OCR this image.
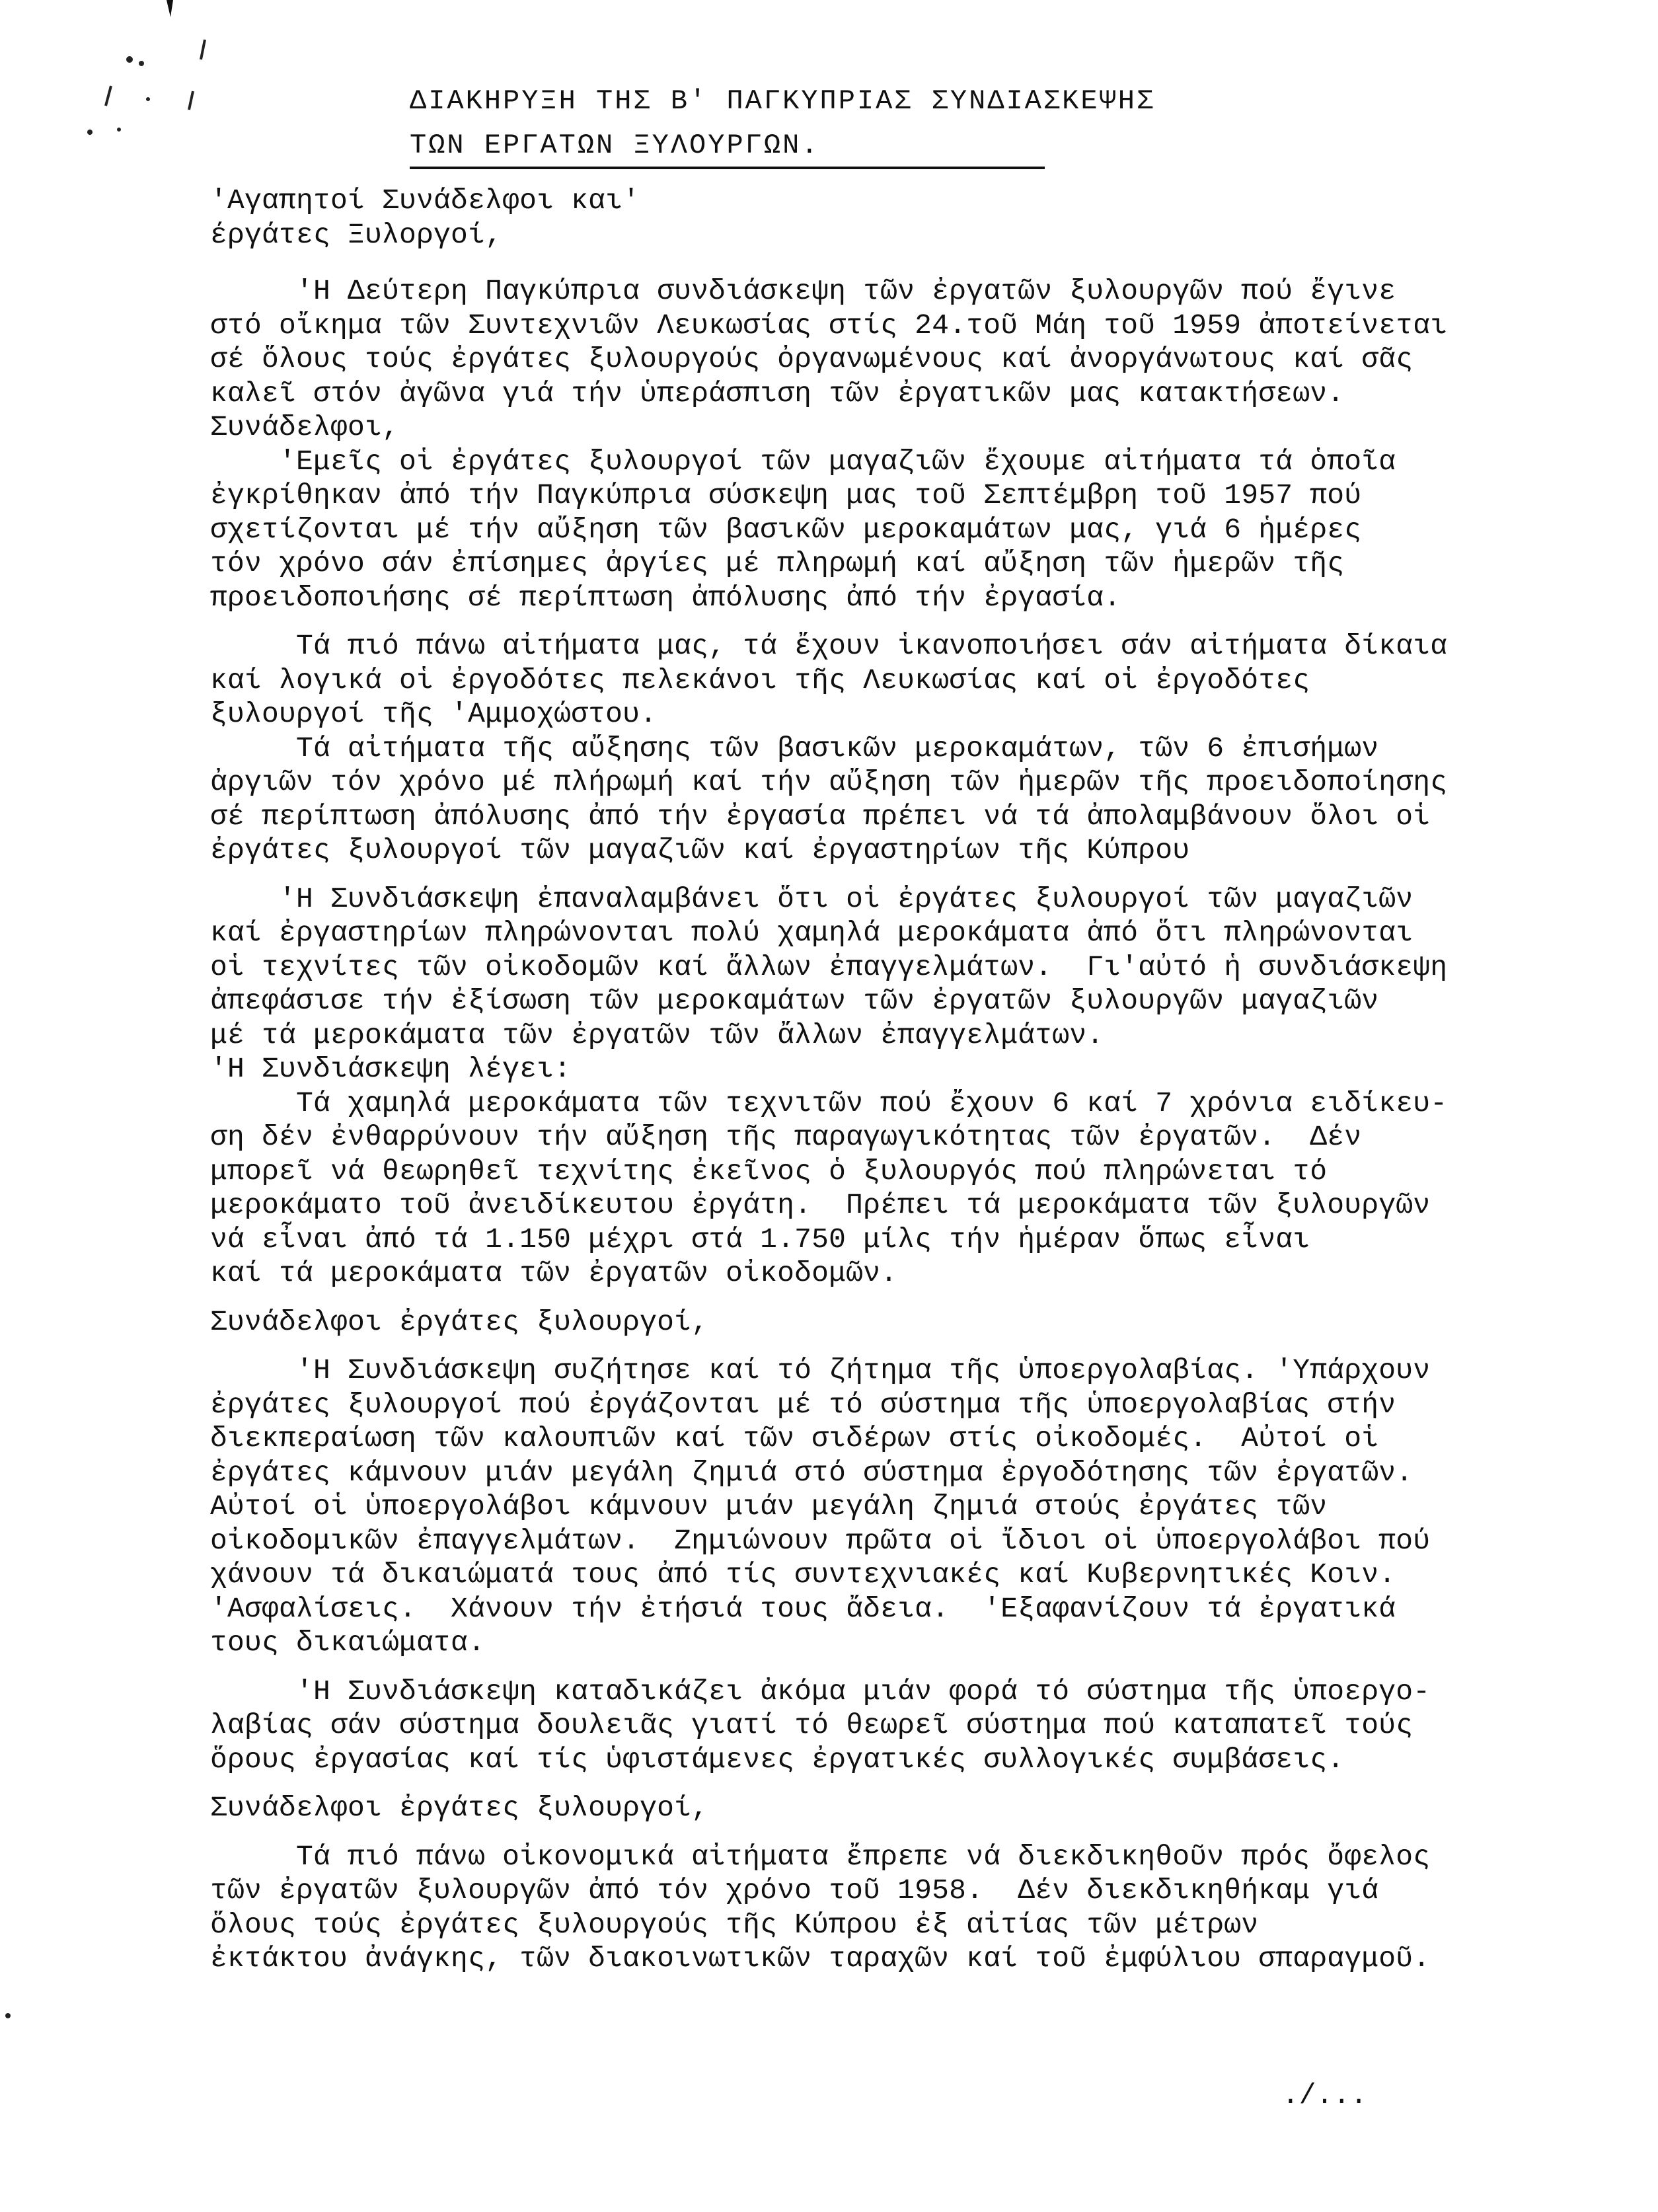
ΔΙΑΚΗΡΥΞΗ ΤΗΣ Β' ΠΑΓΚΥΠΡΙΑΣ ΣΥΝΔΙΑΣΚΕΨΗΣ
ΤΩΝ ΕΡΓΑΤΩΝ ΞΥΛΟΥΡΓΩΝ.
'Αγαπητοί Συνάδελφοι και'
έργάτες Ξυλοργοί,
'Η Δεύτερη Παγκύπρια συνδιάσκεψη τῶν ἐργατῶν ξυλουργῶν πού ἔγινε
στό οἴκημα τῶν Συντεχνιῶν Λευκωσίας στίς 24.τοῦ Μάη τοῦ 1959 ἀποτείνεται
σέ ὅλους τούς ἐργάτες ξυλουργούς ὀργανωμένους καί ἀνοργάνωτους καί σᾶς
καλεῖ στόν ἀγῶνα γιά τήν ὑπεράσπιση τῶν ἐργατικῶν μας κατακτήσεων.
Συνάδελφοι,
'Εμεῖς οἱ ἐργάτες ξυλουργοί τῶν μαγαζιῶν ἔχουμε αἰτήματα τά ὁποῖα
ἐγκρίθηκαν ἀπό τήν Παγκύπρια σύσκεψη μας τοῦ Σεπτέμβρη τοῦ 1957 πού
σχετίζονται μέ τήν αὔξηση τῶν βασικῶν μεροκαμάτων μας, γιά 6 ἡμέρες
τόν χρόνο σάν ἐπίσημες ἀργίες μέ πληρωμή καί αὔξηση τῶν ἡμερῶν τῆς
προειδοποιήσης σέ περίπτωση ἀπόλυσης ἀπό τήν ἐργασία.
Τά πιό πάνω αἰτήματα μας, τά ἔχουν ἱκανοποιήσει σάν αἰτήματα δίκαια
καί λογικά οἱ ἐργοδότες πελεκάνοι τῆς Λευκωσίας καί οἱ ἐργοδότες
ξυλουργοί τῆς 'Αμμοχώστου.
Τά αἰτήματα τῆς αὔξησης τῶν βασικῶν μεροκαμάτων, τῶν 6 ἐπισήμων
ἀργιῶν τόν χρόνο μέ πλήρωμή καί τήν αὔξηση τῶν ἡμερῶν τῆς προειδοποίησης
σέ περίπτωση ἀπόλυσης ἀπό τήν ἐργασία πρέπει νά τά ἀπολαμβάνουν ὅλοι οἱ
ἐργάτες ξυλουργοί τῶν μαγαζιῶν καί ἐργαστηρίων τῆς Κύπρου
'Η Συνδιάσκεψη ἐπαναλαμβάνει ὅτι οἱ ἐργάτες ξυλουργοί τῶν μαγαζιῶν
καί ἐργαστηρίων πληρώνονται πολύ χαμηλά μεροκάματα ἀπό ὅτι πληρώνονται
οἱ τεχνίτες τῶν οἰκοδομῶν καί ἄλλων ἐπαγγελμάτων.  Γι'αὐτό ἡ συνδιάσκεψη
ἀπεφάσισε τήν ἐξίσωση τῶν μεροκαμάτων τῶν ἐργατῶν ξυλουργῶν μαγαζιῶν
μέ τά μεροκάματα τῶν ἐργατῶν τῶν ἄλλων ἐπαγγελμάτων.
'Η Συνδιάσκεψη λέγει:
Τά χαμηλά μεροκάματα τῶν τεχνιτῶν πού ἔχουν 6 καί 7 χρόνια ειδίκευ-
ση δέν ἐνθαρρύνουν τήν αὔξηση τῆς παραγωγικότητας τῶν ἐργατῶν.  Δέν
μπορεῖ νά θεωρηθεῖ τεχνίτης ἐκεῖνος ὁ ξυλουργός πού πληρώνεται τό
μεροκάματο τοῦ ἀνειδίκευτου ἐργάτη.  Πρέπει τά μεροκάματα τῶν ξυλουργῶν
νά εἶναι ἀπό τά 1.150 μέχρι στά 1.750 μίλς τήν ἡμέραν ὅπως εἶναι
καί τά μεροκάματα τῶν ἐργατῶν οἰκοδομῶν.
Συνάδελφοι ἐργάτες ξυλουργοί,
'Η Συνδιάσκεψη συζήτησε καί τό ζήτημα τῆς ὑποεργολαβίας. 'Υπάρχουν
ἐργάτες ξυλουργοί πού ἐργάζονται μέ τό σύστημα τῆς ὑποεργολαβίας στήν
διεκπεραίωση τῶν καλουπιῶν καί τῶν σιδέρων στίς οἰκοδομές.  Αὐτοί οἱ
ἐργάτες κάμνουν μιάν μεγάλη ζημιά στό σύστημα ἐργοδότησης τῶν ἐργατῶν.
Αὐτοί οἱ ὑποεργολάβοι κάμνουν μιάν μεγάλη ζημιά στούς ἐργάτες τῶν
οἰκοδομικῶν ἐπαγγελμάτων.  Ζημιώνουν πρῶτα οἱ ἴδιοι οἱ ὑποεργολάβοι πού
χάνουν τά δικαιώματά τους ἀπό τίς συντεχνιακές καί Κυβερνητικές Κοιν.
'Ασφαλίσεις.  Χάνουν τήν ἐτήσιά τους ἄδεια.  'Εξαφανίζουν τά ἐργατικά
τους δικαιώματα.
'Η Συνδιάσκεψη καταδικάζει ἀκόμα μιάν φορά τό σύστημα τῆς ὑποεργο-
λαβίας σάν σύστημα δουλειᾶς γιατί τό θεωρεῖ σύστημα πού καταπατεῖ τούς
ὅρους ἐργασίας καί τίς ὑφιστάμενες ἐργατικές συλλογικές συμβάσεις.
Συνάδελφοι ἐργάτες ξυλουργοί,
Τά πιό πάνω οἰκονομικά αἰτήματα ἔπρεπε νά διεκδικηθοῦν πρός ὄφελος
τῶν ἐργατῶν ξυλουργῶν ἀπό τόν χρόνο τοῦ 1958.  Δέν διεκδικηθήκαμ γιά
ὅλους τούς ἐργάτες ξυλουργούς τῆς Κύπρου ἐξ αἰτίας τῶν μέτρων
ἐκτάκτου ἀνάγκης, τῶν διακοινωτικῶν ταραχῶν καί τοῦ ἐμφύλιου σπαραγμοῦ.
./...
